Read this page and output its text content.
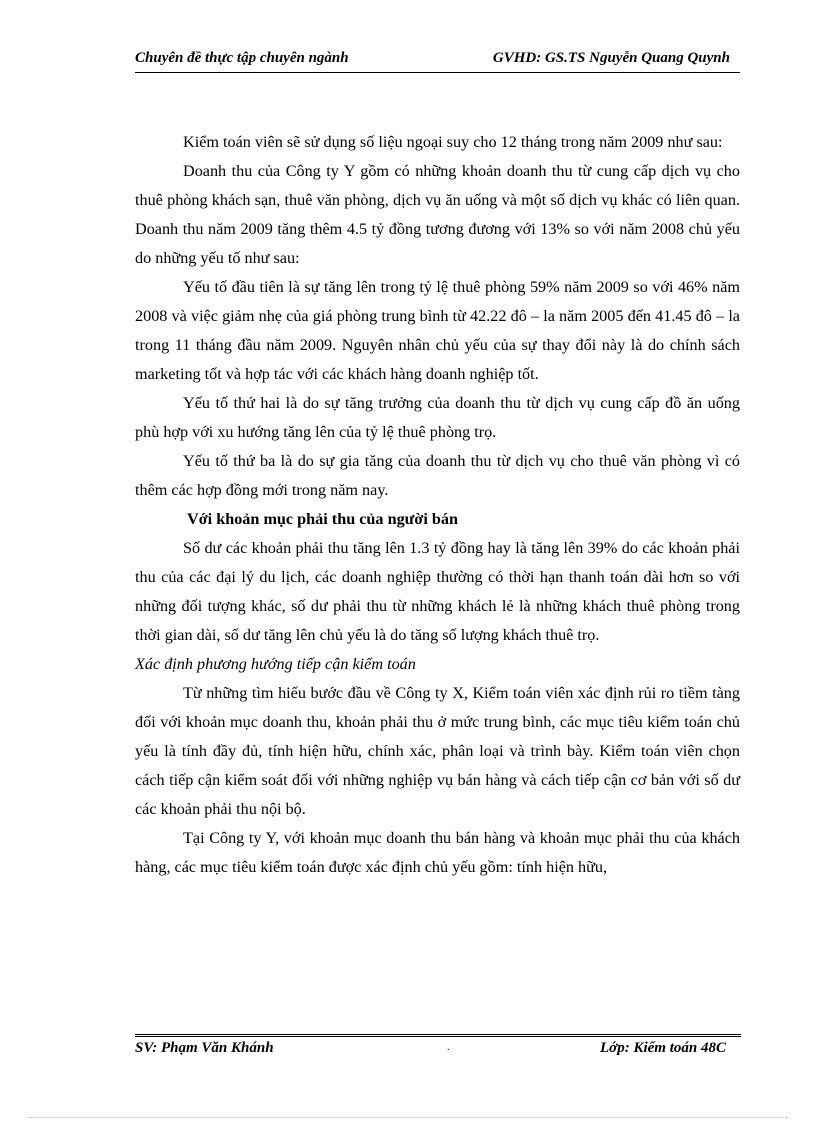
Chuyên đề thực tập chuyên ngành	GVHD: GS.TS Nguyễn Quang Quynh

Kiểm toán viên sẽ sử dụng số liệu ngoại suy cho 12 tháng trong năm 2009 như sau:

Doanh thu của Công ty Y gồm có những khoản doanh thu từ cung cấp dịch vụ cho thuê phòng khách sạn, thuê văn phòng, dịch vụ ăn uống và một số dịch vụ khác có liên quan. Doanh thu năm 2009 tăng thêm 4.5 tỷ đồng tương đương với 13% so với năm 2008 chủ yếu do những yếu tố như sau:

Yếu tố đầu tiên là sự tăng lên trong tỷ lệ thuê phòng 59% năm 2009 so với 46% năm 2008 và việc giảm nhẹ của giá phòng trung bình từ 42.22 đô – la năm 2005 đến 41.45 đô – la trong 11 tháng đầu năm 2009. Nguyên nhân chủ yếu của sự thay đổi này là do chính sách marketing tốt và hợp tác với các khách hàng doanh nghiệp tốt.

Yếu tố thứ hai là do sự tăng trưởng của doanh thu từ dịch vụ cung cấp đồ ăn uống phù hợp với xu hướng tăng lên của tỷ lệ thuê phòng trọ.

Yếu tố thứ ba là do sự gia tăng của doanh thu từ dịch vụ cho thuê văn phòng vì có thêm các hợp đồng mới trong năm nay.

Với khoản mục phải thu của người bán

Số dư các khoản phải thu tăng lên 1.3 tỷ đồng hay là tăng lên 39% do các khoản phải thu của các đại lý du lịch, các doanh nghiệp thường có thời hạn thanh toán dài hơn so với những đối tượng khác, số dư phải thu từ những khách lẻ là những khách thuê phòng trong thời gian dài, số dư tăng lên chủ yếu là do tăng số lượng khách thuê trọ.

Xác định phương hướng tiếp cận kiểm toán

Từ những tìm hiểu bước đầu về Công ty X, Kiểm toán viên xác định rủi ro tiềm tàng đối với khoản mục doanh thu, khoản phải thu ở mức trung bình, các mục tiêu kiểm toán chủ yếu là tính đầy đủ, tính hiện hữu, chính xác, phân loại và trình bày. Kiểm toán viên chọn cách tiếp cận kiểm soát đối với những nghiệp vụ bán hàng và cách tiếp cận cơ bản với số dư các khoản phải thu nội bộ.

Tại Công ty Y, với khoản mục doanh thu bán hàng và khoản mục phải thu của khách hàng, các mục tiêu kiểm toán được xác định chủ yếu gồm: tính hiện hữu,

SV: Phạm Văn Khánh	.	Lớp: Kiểm toán 48C
